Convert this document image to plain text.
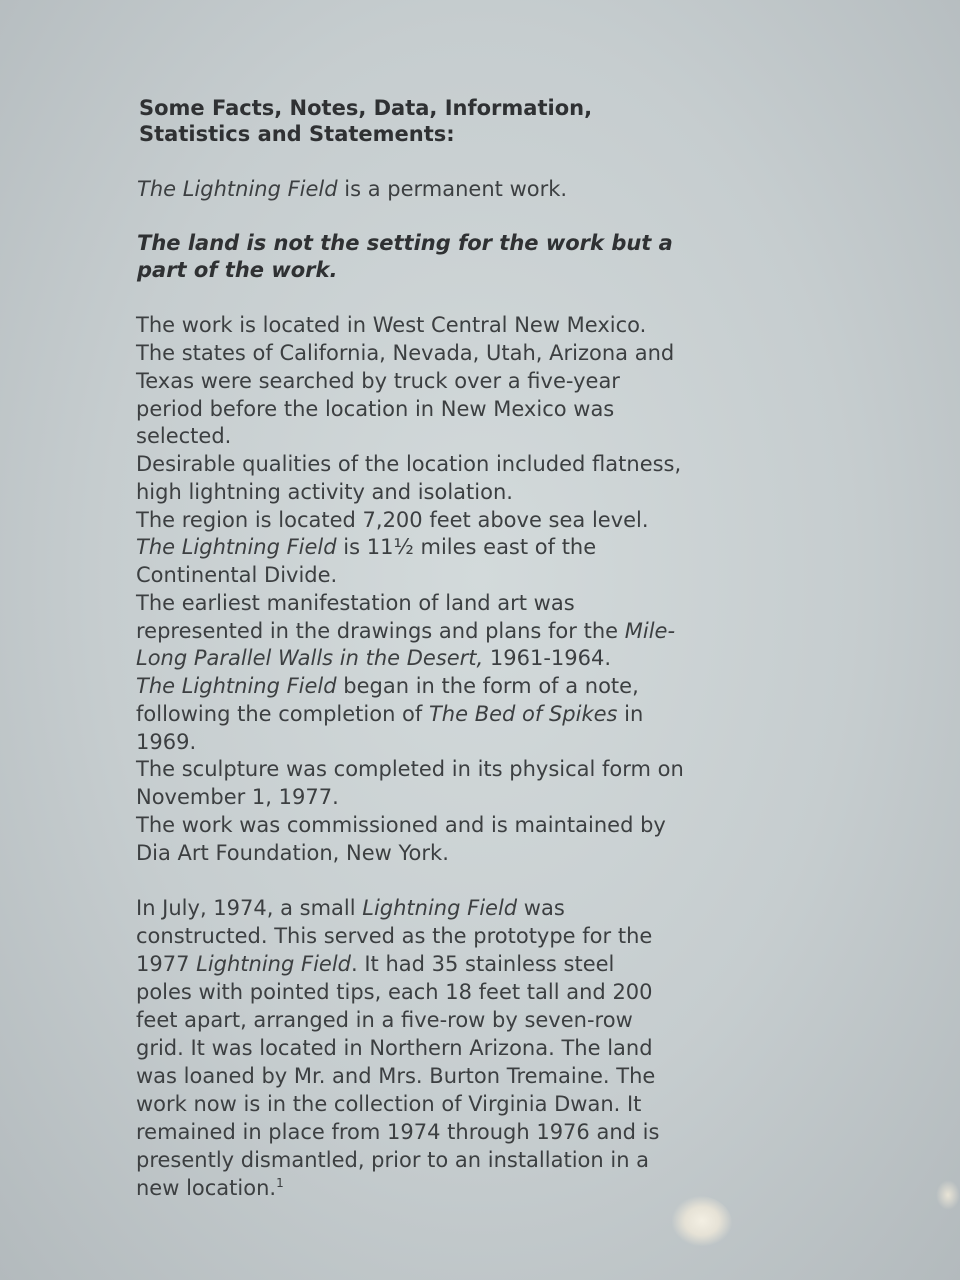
Some Facts, Notes, Data, Information,
Statistics and Statements:
The Lightning Field is a permanent work.
The land is not the setting for the work but a
part of the work.
The work is located in West Central New Mexico.
The states of California, Nevada, Utah, Arizona and
Texas were searched by truck over a five-year
period before the location in New Mexico was
selected.
Desirable qualities of the location included flatness,
high lightning activity and isolation.
The region is located 7,200 feet above sea level.
The Lightning Field is 11½ miles east of the
Continental Divide.
The earliest manifestation of land art was
represented in the drawings and plans for the Mile-
Long Parallel Walls in the Desert, 1961-1964.
The Lightning Field began in the form of a note,
following the completion of The Bed of Spikes in
1969.
The sculpture was completed in its physical form on
November 1, 1977.
The work was commissioned and is maintained by
Dia Art Foundation, New York.
In July, 1974, a small Lightning Field was
constructed. This served as the prototype for the
1977 Lightning Field. It had 35 stainless steel
poles with pointed tips, each 18 feet tall and 200
feet apart, arranged in a five-row by seven-row
grid. It was located in Northern Arizona. The land
was loaned by Mr. and Mrs. Burton Tremaine. The
work now is in the collection of Virginia Dwan. It
remained in place from 1974 through 1976 and is
presently dismantled, prior to an installation in a
new location.$^1$
